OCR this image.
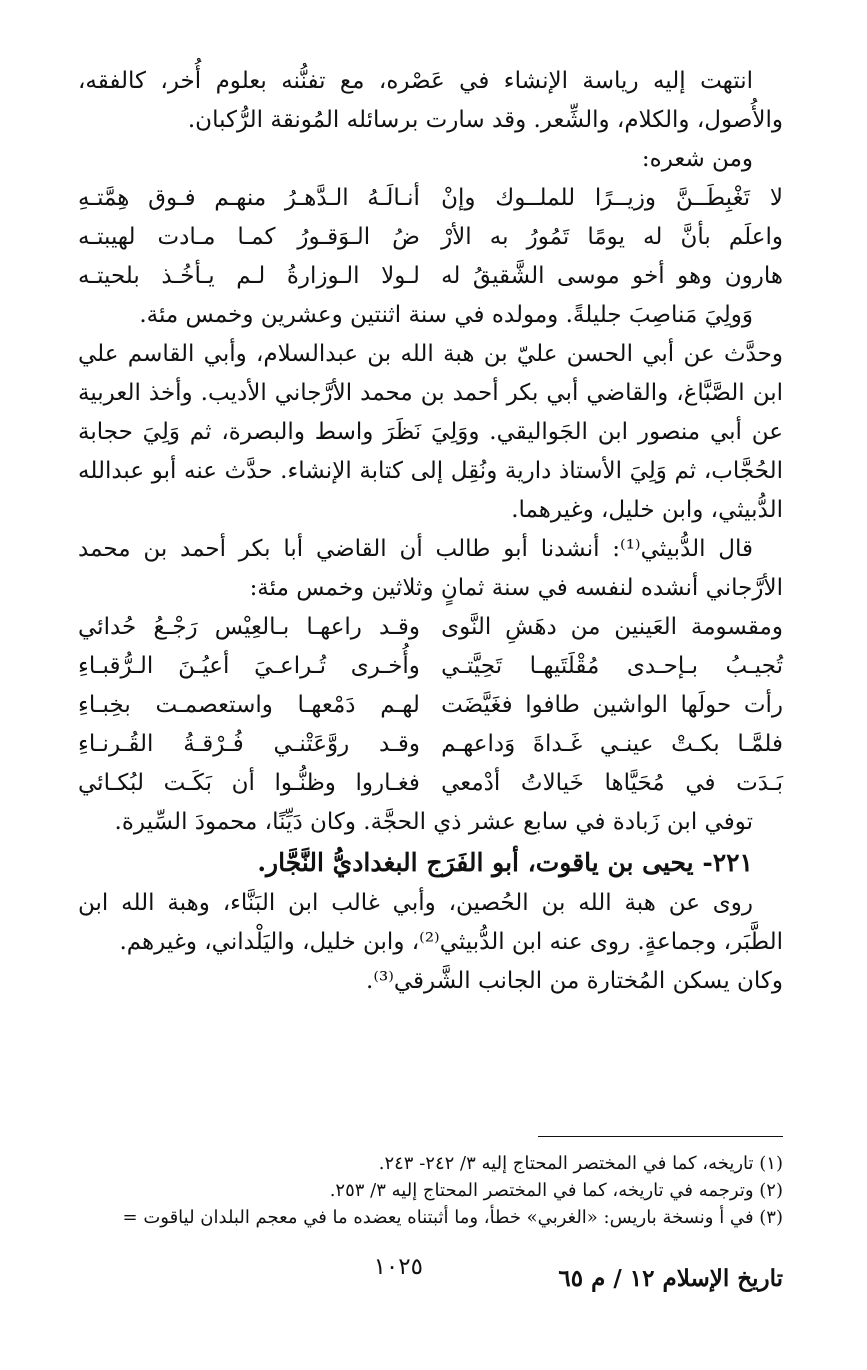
انتهت إليه رياسة الإنشاء في عَصْره، مع تفنُّنه بعلوم أُخر، كالفقه، والأُصول، والكلام، والشِّعر. وقد سارت برسائله المُونقة الرُّكبان.

ومن شعره:

لا تَغْبِطَــنَّ وزيــرًا للملــوك وإنْ
أنـالَـهُ الـدَّهـرُ منهـم فـوق هِمَّتـهِ
واعلَم بأنَّ له يومًا تَمُورُ به الأرْ
ضُ الـوَقـورُ كمـا مـادت لهيبتـه
هارون وهو أخو موسى الشَّقيقُ له
لـولا الـوزارةُ لـم يـأخُـذ بلحيتـه

وَولِيَ مَناصِبَ جليلةً. ومولده في سنة اثنتين وعشرين وخمس مئة.

وحدَّث عن أبي الحسن عليّ بن هبة الله بن عبدالسلام، وأبي القاسم علي ابن الصَّبَّاغ، والقاضي أبي بكر أحمد بن محمد الأرَّجاني الأديب. وأخذ العربية عن أبي منصور ابن الجَواليقي. ووَلِيَ نَظَرَ واسط والبصرة، ثم وَلِيَ حجابة الحُجَّاب، ثم وَلِيَ الأستاذ دارية ونُقِل إلى كتابة الإنشاء. حدَّث عنه أبو عبدالله الدُّبيثي، وابن خليل، وغيرهما.

قال الدُّبيثي⁽¹⁾: أنشدنا أبو طالب أن القاضي أبا بكر أحمد بن محمد الأرَّجاني أنشده لنفسه في سنة ثمانٍ وثلاثين وخمس مئة:

ومقسومة العَينين من دهَشِ النَّوى
وقـد راعهـا بـالعِيْس رَجْـعُ حُدائي
تُجيـبُ بـإحـدى مُقْلَتَيهـا تَحِيَّتـي
وأُخـرى تُـراعـيَ أعيُـنَ الـرُّقبـاءِ
رأت حولَها الواشين طافوا فغَيَّضَت
لهـم دَمْعهـا واستعصمـت بخِبـاءِ
فلمَّـا بكـتْ عينـي غَـداةَ وَداعهـم
وقـد روَّعَتْنـي فُـرْقـةُ القُـرنـاءِ
بَـدَت في مُحَيَّاها خَيالاتُ أدْمعي
فغـاروا وظنُّـوا أن بَكَـت لبُكـائي

توفي ابن زَبادة في سابع عشر ذي الحجَّة. وكان دَيِّنًا، محمودَ السِّيرة.

٢٢١- يحيى بن ياقوت، أبو الفَرَج البغداديُّ النَّجَّار.

روى عن هبة الله بن الحُصين، وأبي غالب ابن البَنَّاء، وهبة الله ابن الطَّبَر، وجماعةٍ. روى عنه ابن الدُّبيثي⁽²⁾، وابن خليل، واليَلْداني، وغيرهم.

وكان يسكن المُختارة من الجانب الشَّرقي⁽³⁾.

(١) تاريخه، كما في المختصر المحتاج إليه ٣/ ٢٤٢- ٢٤٣.
(٢) وترجمه في تاريخه، كما في المختصر المحتاج إليه ٣/ ٢٥٣.
(٣) في أ ونسخة باريس: «الغربي» خطأ، وما أثبتناه يعضده ما في معجم البلدان لياقوت =
تاريخ الإسلام ١٢ / م ٦٥
١٠٢٥
